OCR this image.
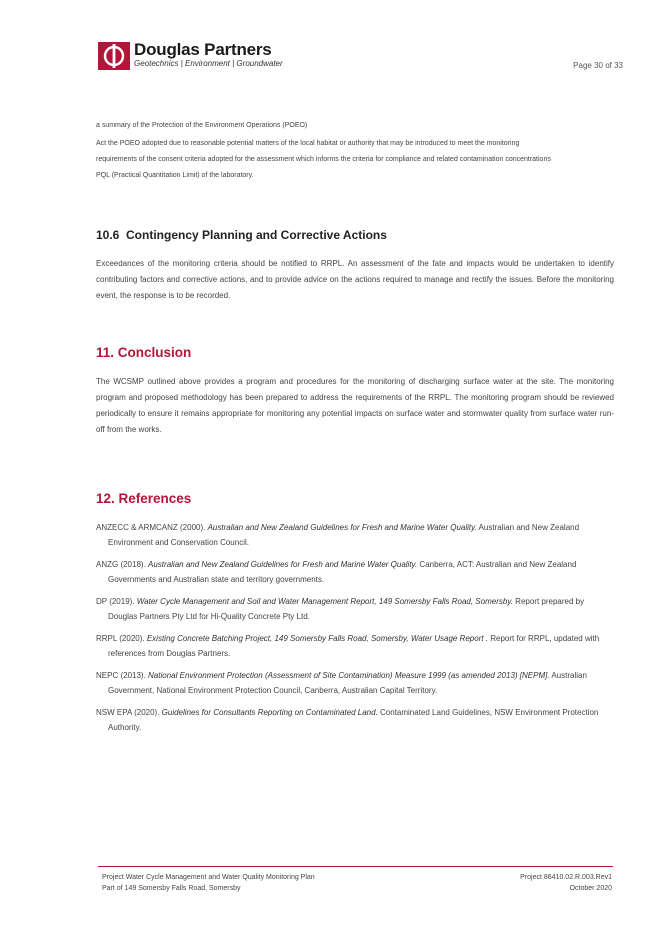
Douglas Partners
Geotechnics | Environment | Groundwater	Page 30 of 33
a summary of the Protection of the Environment Operations (POEO)
Act the POEO adopted due to reasonable potential matters of the local habitat or authority that may be introduced to meet the monitoring
requirements of the consent criteria adopted for the assessment which informs the criteria for compliance and related contamination concentrations
PQL (Practical Quantitation Limit) of the laboratory.
10.6 Contingency Planning and Corrective Actions
Exceedances of the monitoring criteria should be notified to RRPL. An assessment of the fate and impacts would be undertaken to identify contributing factors and corrective actions, and to provide advice on the actions required to manage and rectify the issues. Before the monitoring event, the response is to be recorded.
11. Conclusion
The WCSMP outlined above provides a program and procedures for the monitoring of discharging surface water at the site. The monitoring program and proposed methodology has been prepared to address the requirements of the RRPL. The monitoring program should be reviewed periodically to ensure it remains appropriate for monitoring any potential impacts on surface water and stormwater quality from surface water run-off from the works.
12. References
ANZECC & ARMCANZ (2000). Australian and New Zealand Guidelines for Fresh and Marine Water Quality. Australian and New Zealand Environment and Conservation Council.
ANZG (2018). Australian and New Zealand Guidelines for Fresh and Marine Water Quality. Canberra, ACT: Australian and New Zealand Governments and Australian state and territory governments.
DP (2019). Water Cycle Management and Soil and Water Management Report, 149 Somersby Falls Road, Somersby. Report prepared by Douglas Partners Pty Ltd for Hi-Quality Concrete Pty Ltd.
RRPL (2020). Existing Concrete Batching Project, 149 Somersby Falls Road, Somersby, Water Usage Report . Report for RRPL, updated with references from Douglas Partners.
NEPC (2013). National Environment Protection (Assessment of Site Contamination) Measure 1999 (as amended 2013) [NEPM]. Australian Government, National Environment Protection Council, Canberra, Australian Capital Territory.
NSW EPA (2020). Guidelines for Consultants Reporting on Contaminated Land. Contaminated Land Guidelines, NSW Environment Protection Authority.
Project Water Cycle Management and Water Quality Monitoring Plan
Part of 149 Somersby Falls Road, Somersby
Project 86410.02.R.003.Rev1
October 2020
